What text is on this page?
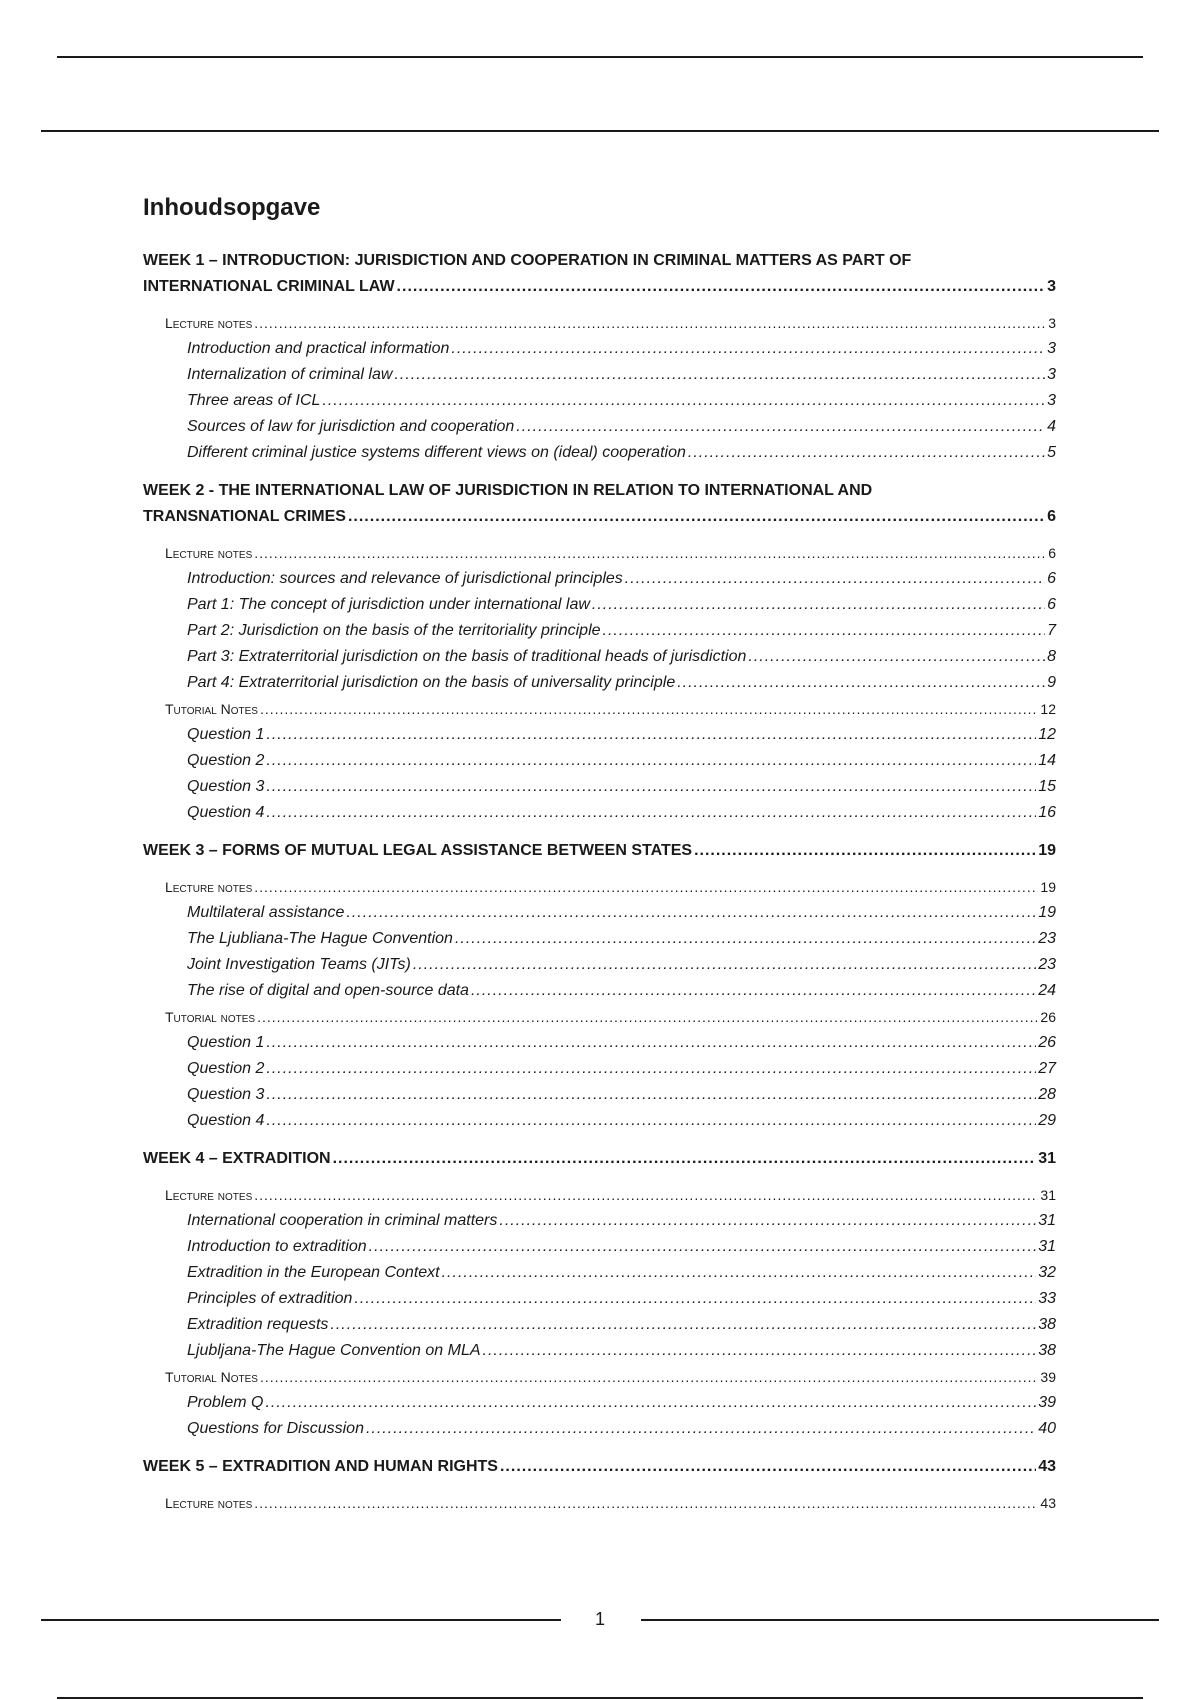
Inhoudsopgave
WEEK 1 – INTRODUCTION: JURISDICTION AND COOPERATION IN CRIMINAL MATTERS AS PART OF
INTERNATIONAL CRIMINAL LAW .....	3
Lecture notes .....	3
Introduction and practical information .....	3
Internalization of criminal law .....	3
Three areas of ICL .....	3
Sources of law for jurisdiction and cooperation .....	4
Different criminal justice systems different views on (ideal) cooperation .....	5
WEEK 2 - THE INTERNATIONAL LAW OF JURISDICTION IN RELATION TO INTERNATIONAL AND
TRANSNATIONAL CRIMES .....	6
Lecture notes .....	6
Introduction: sources and relevance of jurisdictional principles .....	6
Part 1: The concept of jurisdiction under international law .....	6
Part 2: Jurisdiction on the basis of the territoriality principle .....	7
Part 3: Extraterritorial jurisdiction on the basis of traditional heads of jurisdiction .....	8
Part 4: Extraterritorial jurisdiction on the basis of universality principle .....	9
Tutorial Notes .....	12
Question 1 .....	12
Question 2 .....	14
Question 3 .....	15
Question 4 .....	16
WEEK 3 – FORMS OF MUTUAL LEGAL ASSISTANCE BETWEEN STATES .....	19
Lecture notes .....	19
Multilateral assistance .....	19
The Ljubliana-The Hague Convention .....	23
Joint Investigation Teams (JITs) .....	23
The rise of digital and open-source data .....	24
Tutorial notes .....	26
Question 1 .....	26
Question 2 .....	27
Question 3 .....	28
Question 4 .....	29
WEEK 4 – EXTRADITION .....	31
Lecture notes .....	31
International cooperation in criminal matters .....	31
Introduction to extradition .....	31
Extradition in the European Context .....	32
Principles of extradition .....	33
Extradition requests .....	38
Ljubljana-The Hague Convention on MLA .....	38
Tutorial Notes .....	39
Problem Q .....	39
Questions for Discussion .....	40
WEEK 5 – EXTRADITION AND HUMAN RIGHTS .....	43
Lecture notes .....	43
1
